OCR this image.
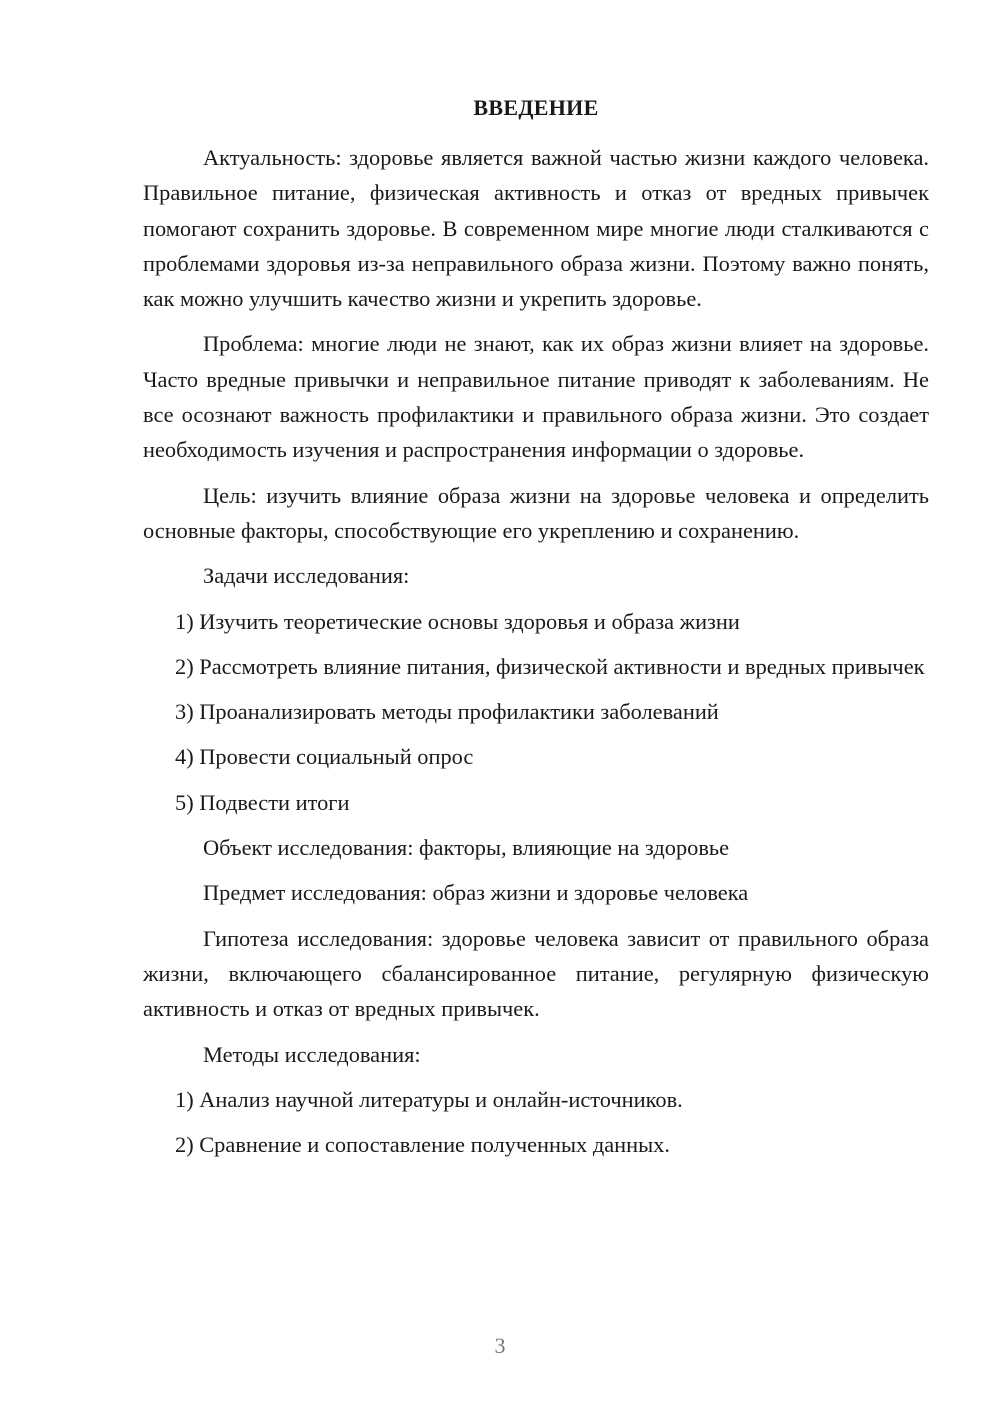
ВВЕДЕНИЕ

Актуальность: здоровье является важной частью жизни каждого человека. Правильное питание, физическая активность и отказ от вредных привычек помогают сохранить здоровье. В современном мире многие люди сталкиваются с проблемами здоровья из-за неправильного образа жизни. Поэтому важно понять, как можно улучшить качество жизни и укрепить здоровье.

Проблема: многие люди не знают, как их образ жизни влияет на здоровье. Часто вредные привычки и неправильное питание приводят к заболеваниям. Не все осознают важность профилактики и правильного образа жизни. Это создает необходимость изучения и распространения информации о здоровье.

Цель: изучить влияние образа жизни на здоровье человека и определить основные факторы, способствующие его укреплению и сохранению.

Задачи исследования:

1) Изучить теоретические основы здоровья и образа жизни

2) Рассмотреть влияние питания, физической активности и вредных привычек

3) Проанализировать методы профилактики заболеваний

4) Провести социальный опрос

5) Подвести итоги

Объект исследования: факторы, влияющие на здоровье

Предмет исследования: образ жизни и здоровье человека

Гипотеза исследования: здоровье человека зависит от правильного образа жизни, включающего сбалансированное питание, регулярную физическую активность и отказ от вредных привычек.

Методы исследования:

1) Анализ научной литературы и онлайн-источников.

2) Сравнение и сопоставление полученных данных.

3
